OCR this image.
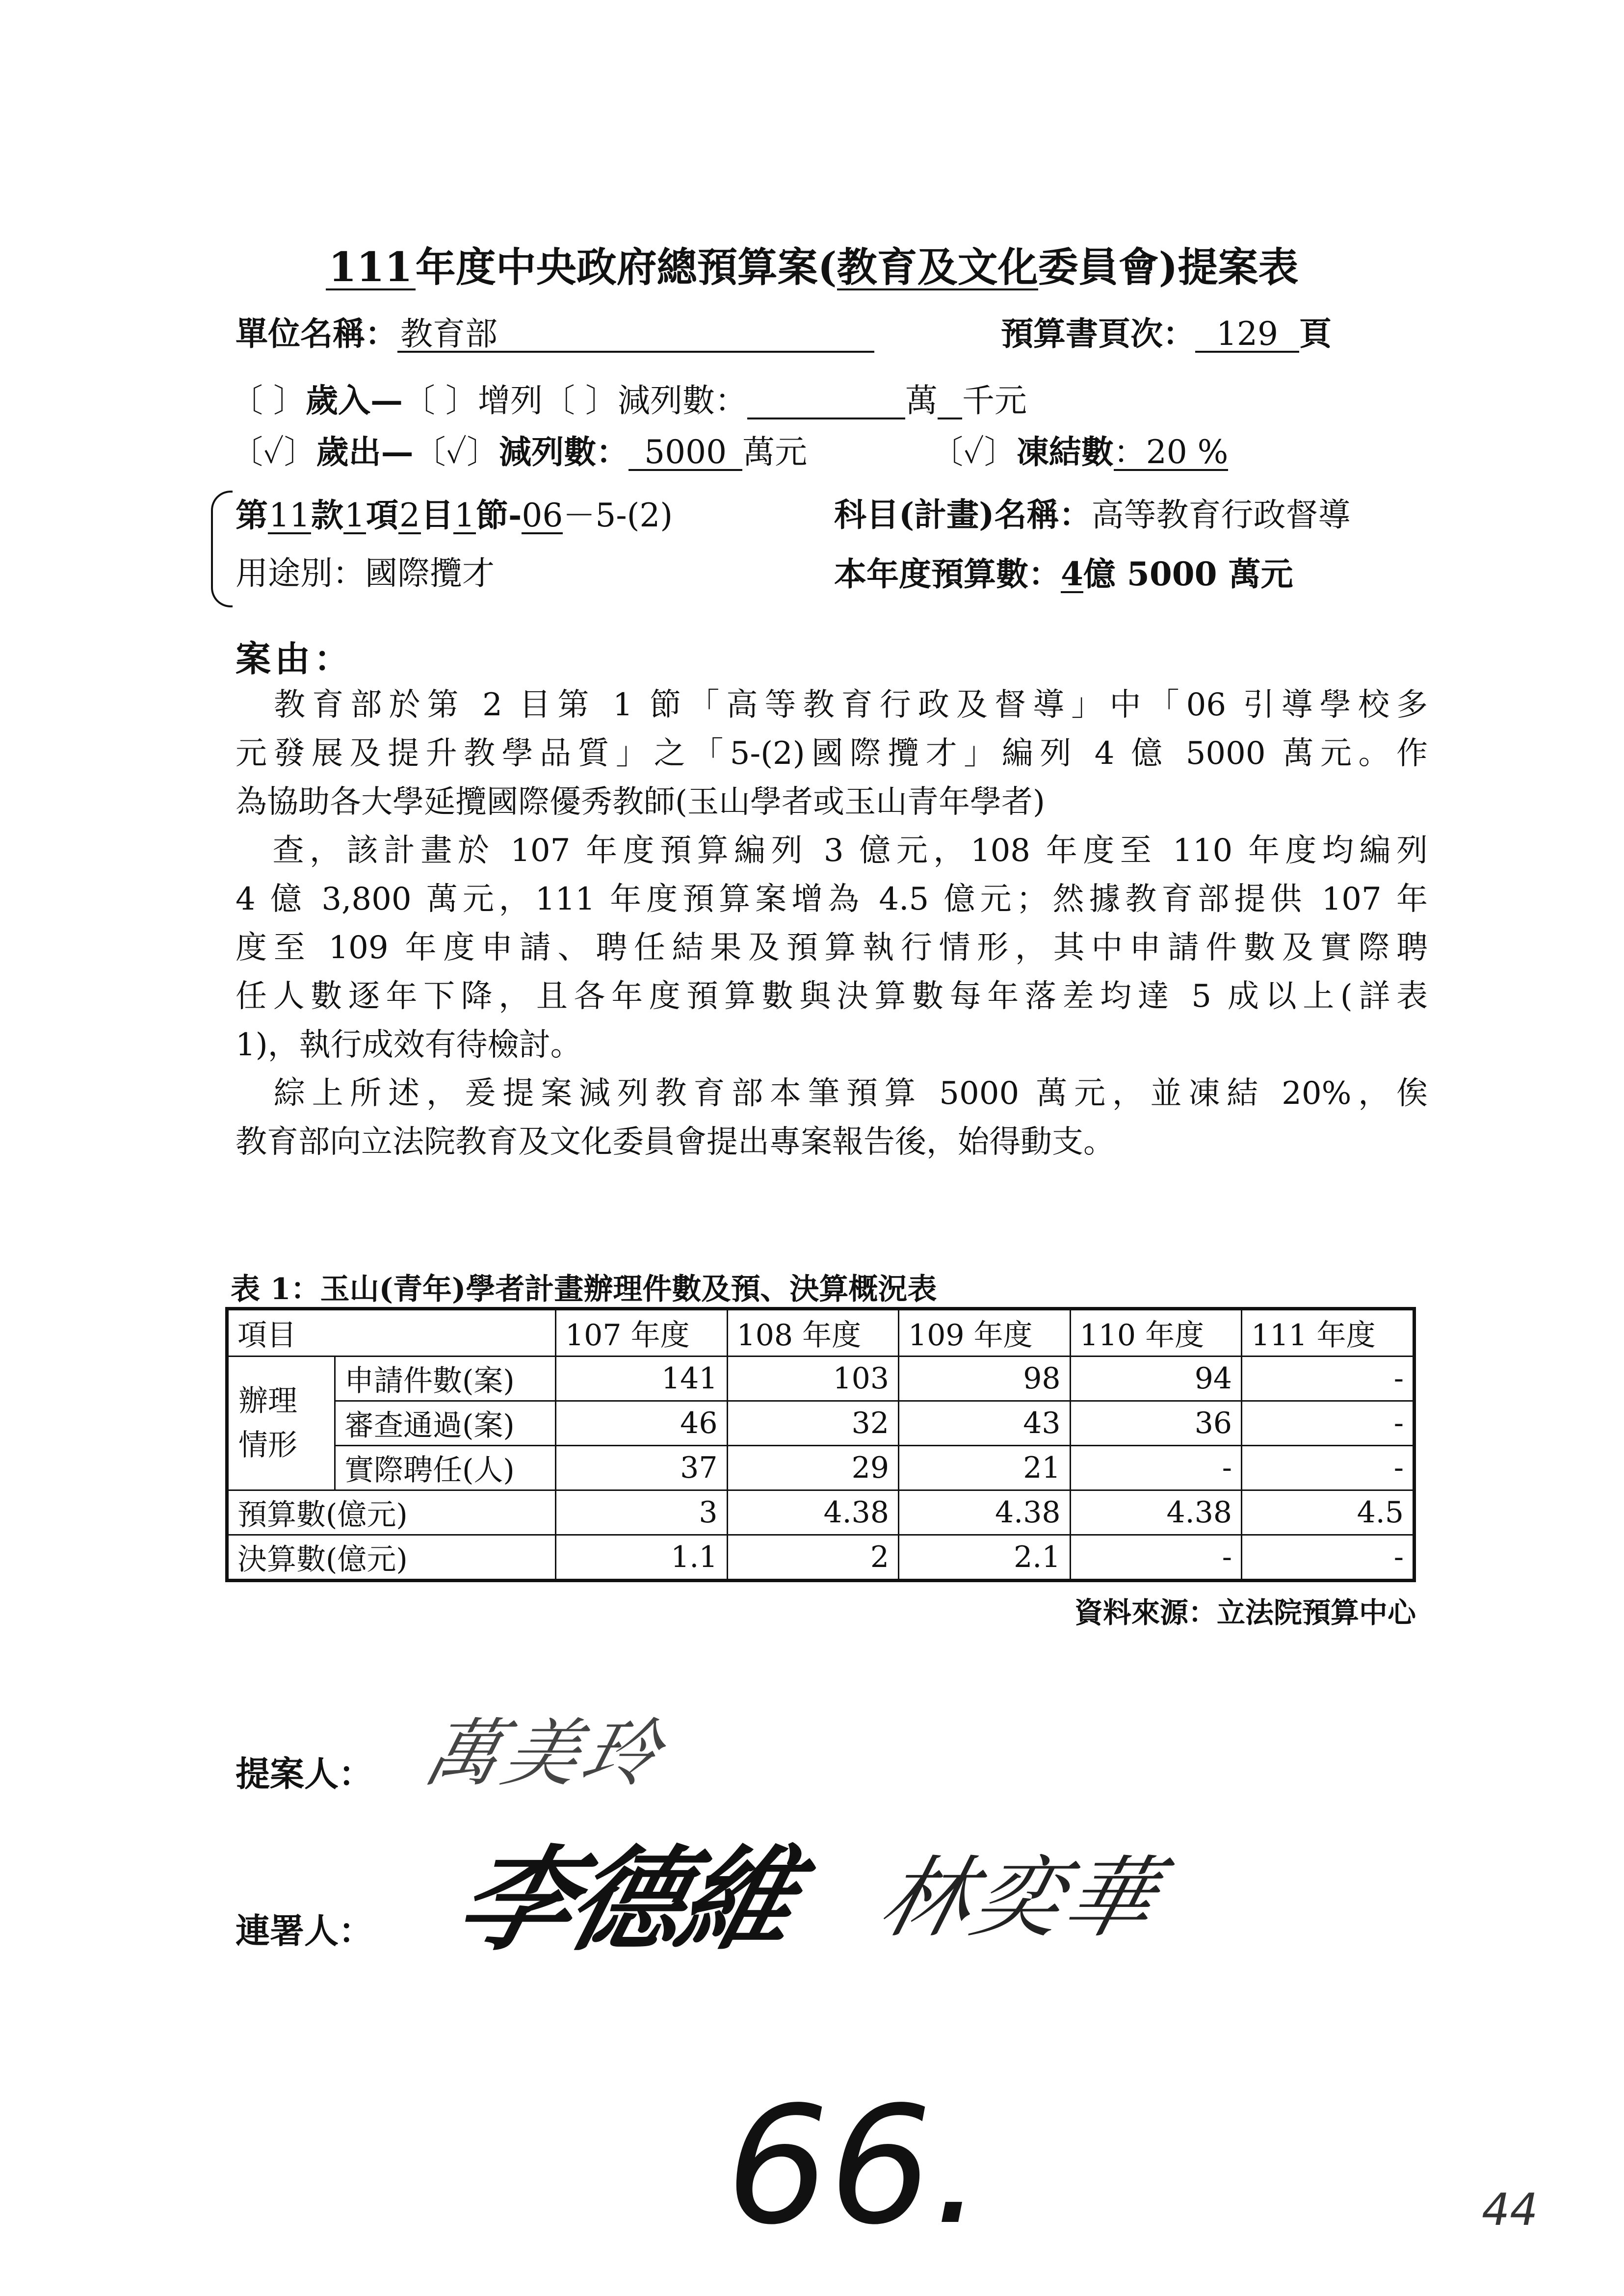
111年度中央政府總預算案(教育及文化委員會)提案表
單位名稱：教育部	預算書頁次： 129 頁
〔 〕歲入—〔 〕增列〔 〕減列數：	萬 千元
〔✓〕歲出—〔✓〕減列數： 5000 萬元	〔✓〕凍結數：20 %
第11款1項2目1節-06－5-(2)	科目(計畫)名稱：高等教育行政督導
用途別：國際攬才	本年度預算數：4億 5000 萬元
案由：
　教育部於第 2 目第 1 節「高等教育行政及督導」中「06 引導學校多
元發展及提升教學品質」之「5-(2)國際攬才」編列 4 億 5000 萬元。作
為協助各大學延攬國際優秀教師(玉山學者或玉山青年學者)
　查，該計畫於 107 年度預算編列 3 億元，108 年度至 110 年度均編列
4 億 3,800 萬元，111 年度預算案增為 4.5 億元；然據教育部提供 107 年
度至 109 年度申請、聘任結果及預算執行情形，其中申請件數及實際聘
任人數逐年下降，且各年度預算數與決算數每年落差均達 5 成以上(詳表
1)，執行成效有待檢討。
　綜上所述，爰提案減列教育部本筆預算 5000 萬元，並凍結 20%，俟
教育部向立法院教育及文化委員會提出專案報告後，始得動支。
表 1：玉山(青年)學者計畫辦理件數及預、決算概況表
項目		107 年度	108 年度	109 年度	110 年度	111 年度
辦理情形	申請件數(案)	141	103	98	94	-
	審查通過(案)	46	32	43	36	-
	實際聘任(人)	37	29	21	-	-
預算數(億元)		3	4.38	4.38	4.38	4.5
決算數(億元)		1.1	2	2.1	-	-
資料來源：立法院預算中心
提案人： 萬美玲
連署人： 李德維 林奕華
66.	44
